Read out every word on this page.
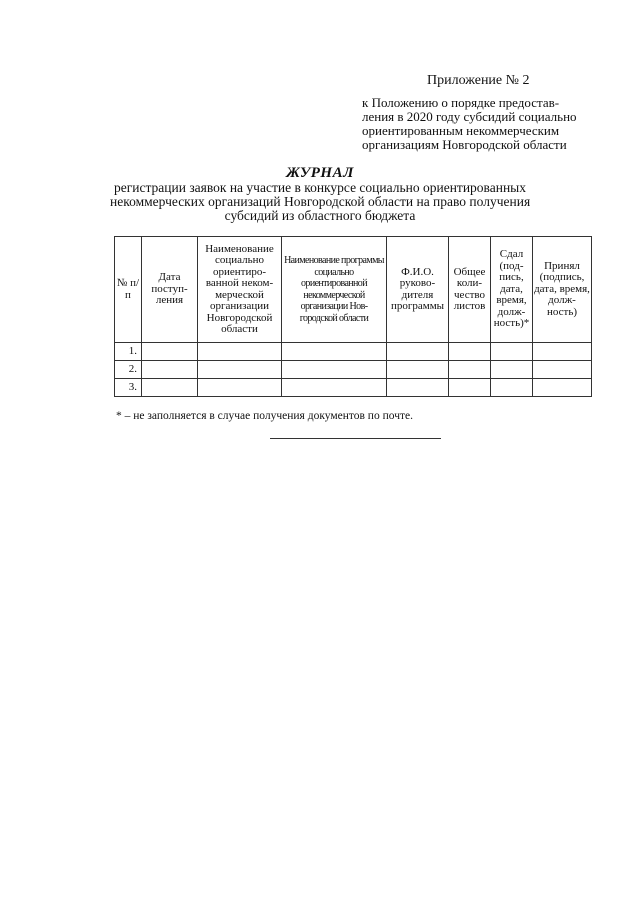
Приложение № 2
к Положению о порядке предостав-
ления в 2020 году субсидий социально
ориентированным некоммерческим
организациям Новгородской области
ЖУРНАЛ
регистрации заявок на участие в конкурсе социально ориентированных
некоммерческих организаций Новгородской области на право получения
субсидий из областного бюджета
№ п/п	Дата поступ-ления	Наименование социально ориентиро-ванной неком-мерческой организации Новгородской области	Наименование программы социально ориентированной некоммерческой организации Нов-городской области	Ф.И.О. руково-дителя программы	Общее коли-чество листов	Сдал (под-пись, дата, время, долж-ность)*	Принял (подпись, дата, время, долж-ность)

1.							
2.							
3.							
* – не заполняется в случае получения документов по почте.
